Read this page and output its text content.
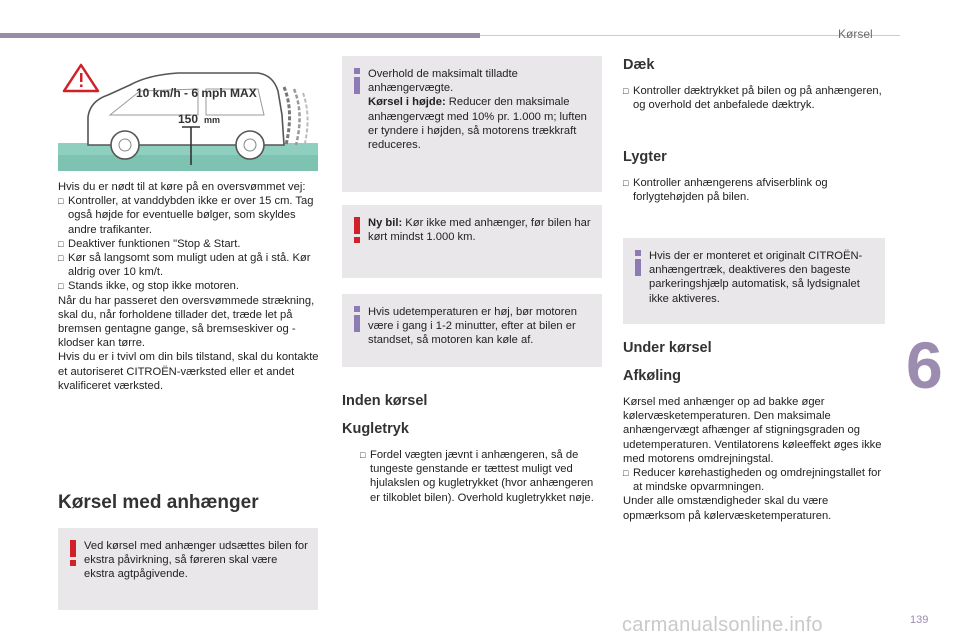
Kørsel
6
10 km/h - 6 mph MAX
150 mm
Hvis du er nødt til at køre på en oversvømmet vej:
□ Kontroller, at vanddybden ikke er over 15 cm. Tag også højde for eventuelle bølger, som skyldes andre trafikanter.
□ Deaktiver funktionen "Stop & Start.
□ Kør så langsomt som muligt uden at gå i stå. Kør aldrig over 10 km/t.
□ Stands ikke, og stop ikke motoren.
Når du har passeret den oversvømmede strækning, skal du, når forholdene tillader det, træde let på bremsen gentagne gange, så bremseskiver og -klodser kan tørre.
Hvis du er i tvivl om din bils tilstand, skal du kontakte et autoriseret CITROËN-værksted eller et andet kvalificeret værksted.
Kørsel med anhænger
Ved kørsel med anhænger udsættes bilen for ekstra påvirkning, så føreren skal være ekstra agtpågivende.
Overhold de maksimalt tilladte anhængervægte.
Kørsel i højde: Reducer den maksimale anhængervægt med 10% pr. 1.000 m; luften er tyndere i højden, så motorens trækkraft reduceres.
Ny bil: Kør ikke med anhænger, før bilen har kørt mindst 1.000 km.
Hvis udetemperaturen er høj, bør motoren være i gang i 1-2 minutter, efter at bilen er standset, så motoren kan køle af.
Inden kørsel
Kugletryk
□ Fordel vægten jævnt i anhængeren, så de tungeste genstande er tættest muligt ved hjulakslen og kugletrykket (hvor anhængeren er tilkoblet bilen). Overhold kugletrykket nøje.
Dæk
□ Kontroller dæktrykket på bilen og på anhængeren, og overhold det anbefalede dæktryk.
Lygter
□ Kontroller anhængerens afviserblink og forlygtehøjden på bilen.
Hvis der er monteret et originalt CITROËN-anhængertræk, deaktiveres den bageste parkeringshjælp automatisk, så lydsignalet ikke aktiveres.
Under kørsel
Afkøling
Kørsel med anhænger op ad bakke øger kølervæsketemperaturen. Den maksimale anhængervægt afhænger af stigningsgraden og udetemperaturen. Ventilatorens køleeffekt øges ikke med motorens omdrejningstal.
□ Reducer kørehastigheden og omdrejningstallet for at mindske opvarmningen.
Under alle omstændigheder skal du være opmærksom på kølervæsketemperaturen.
carmanualsonline.info	139
